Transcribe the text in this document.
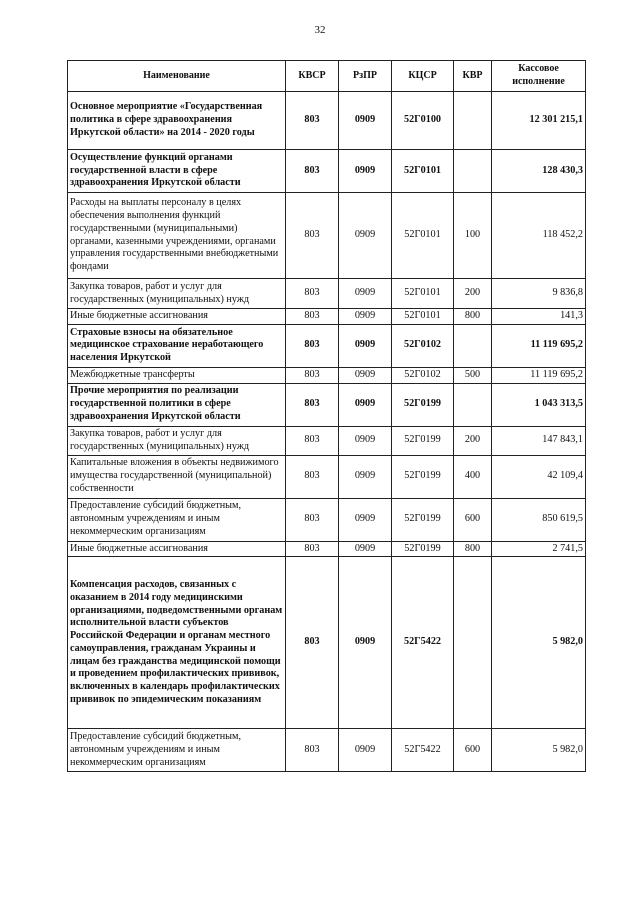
32
Наименование	КВСР	РзПР	КЦСР	КВР	Кассовое исполнение
Основное мероприятие «Государственная политика в сфере здравоохранения Иркутской области» на 2014 - 2020 годы	803	0909	52Г0100		12 301 215,1
Осуществление функций органами государственной власти в сфере здравоохранения Иркутской области	803	0909	52Г0101		128 430,3
Расходы на выплаты персоналу в целях обеспечения выполнения функций государственными (муниципальными) органами, казенными учреждениями, органами управления государственными внебюджетными фондами	803	0909	52Г0101	100	118 452,2
Закупка товаров, работ и услуг для государственных (муниципальных) нужд	803	0909	52Г0101	200	9 836,8
Иные бюджетные ассигнования	803	0909	52Г0101	800	141,3
Страховые взносы на обязательное медицинское страхование неработающего населения Иркутской	803	0909	52Г0102		11 119 695,2
Межбюджетные трансферты	803	0909	52Г0102	500	11 119 695,2
Прочие мероприятия по реализации государственной политики в сфере здравоохранения Иркутской области	803	0909	52Г0199		1 043 313,5
Закупка товаров, работ и услуг для государственных (муниципальных) нужд	803	0909	52Г0199	200	147 843,1
Капитальные вложения в объекты недвижимого имущества государственной (муниципальной) собственности	803	0909	52Г0199	400	42 109,4
Предоставление субсидий бюджетным, автономным учреждениям и иным некоммерческим организациям	803	0909	52Г0199	600	850 619,5
Иные бюджетные ассигнования	803	0909	52Г0199	800	2 741,5
Компенсация расходов, связанных с оказанием в 2014 году медицинскими организациями, подведомственными органам исполнительной власти субъектов Российской Федерации и органам местного самоуправления, гражданам Украины и лицам без гражданства медицинской помощи и проведением профилактических прививок, включенных в календарь профилактических прививок по эпидемическим показаниям	803	0909	52Г5422		5 982,0
Предоставление субсидий бюджетным, автономным учреждениям и иным некоммерческим организациям	803	0909	52Г5422	600	5 982,0
